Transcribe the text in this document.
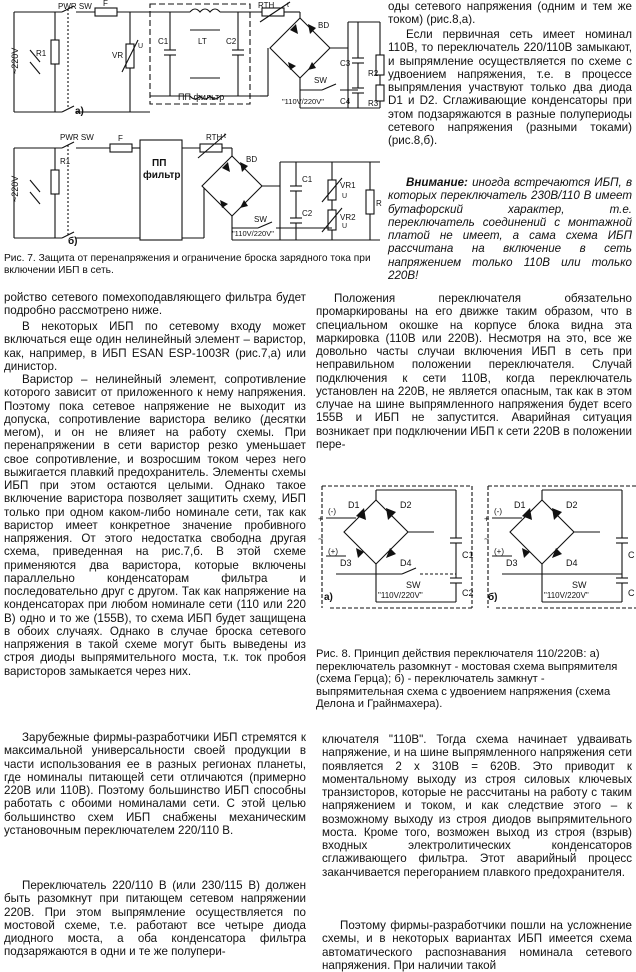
~220V
PWR SW F
R1	VR
U
C1	LT C2
ПП фильтр
RTH t
BD
C3
C4
R2
R3
SW
"110V/220V"
а)
~220V
PWR SW	F
R1	ПП
фильтр
RTH t
BD
C1
C2
VR1
VR2
U
U
R
SW
"110V/220V"
б)

Рис. 7. Защита от перенапряжения и ограничение броска зарядного тока при включении ИБП в сеть.

оды сетевого напряжения (одним и тем же током) (рис.8,а).

Если первичная сеть имеет номинал 110В, то переключатель 220/110В замыкают, и выпрямление осуществляется по схеме с удвоением напряжения, т.е. в процессе выпрямления участвуют только два диода D1 и D2. Сглаживающие конденсаторы при этом подзаряжаются в разные полупериоды сетевого напряжения (разными токами) (рис.8,б).

Внимание: иногда встречаются ИБП, в которых переключатель 230В/110 В имеет бутафорский характер, т.е. переключатель соединений с монтажной платой не имеет, а сама схема ИБП рассчитана на включение в сеть напряжением только 110В или только 220В!

ройство сетевого помехоподавляющего фильтра будет подробно рассмотрено ниже.

В некоторых ИБП по сетевому входу может включаться еще один нелинейный элемент – варистор, как, например, в ИБП ESAN ESP-1003R (рис.7,а) или динистор.

Варистор – нелинейный элемент, сопротивление которого зависит от приложенного к нему напряжения. Поэтому пока сетевое напряжение не выходит из допуска, сопротивление варистора велико (десятки мегом), и он не влияет на работу схемы. При перенапряжении в сети варистор резко уменьшает свое сопротивление, и возросшим током через него выжигается плавкий предохранитель. Элементы схемы ИБП при этом остаются целыми. Однако такое включение варистора позволяет защитить схему, ИБП только при одном каком-либо номинале сети, так как варистор имеет конкретное значение пробивного напряжения. От этого недостатка свободна другая схема, приведенная на рис.7,б. В этой схеме применяются два варистора, которые включены параллельно конденсаторам фильтра и последовательно друг с другом. Так как напряжение на конденсаторах при любом номинале сети (110 или 220 В) одно и то же (155В), то схема ИБП будет защищена в обоих случаях. Однако в случае броска сетевого напряжения в такой схеме могут быть выведены из строя диоды выпрямительного моста, т.к. ток пробоя варисторов замыкается через них.

Зарубежные фирмы-разработчики ИБП стремятся к максимальной универсальности своей продукции в части использования ее в разных регионах планеты, где номиналы питающей сети отличаются (примерно 220В или 110В). Поэтому большинство ИБП способны работать с обоими номиналами сети. С этой целью большинство схем ИБП снабжены механическим установочным переключателем 220/110 В.

Переключатель 220/110 В (или 230/115 В) должен быть разомкнут при питающем сетевом напряжении 220В. При этом выпрямление осуществляется по мостовой схеме, т.е. работают все четыре диода диодного моста, а оба конденсатора фильтра подзаряжаются в одни и те же полупери-

Положения переключателя обязательно промаркированы на его движке таким образом, что в специальном окошке на корпусе блока видна эта маркировка (110В или 220В). Несмотря на это, все же довольно часты случаи включения ИБП в сеть при неправильном положении переключателя. Случай подключения к сети 110В, когда переключатель установлен на 220В, не является опасным, так как в этом случае на шине выпрямленного напряжения будет всего 155В и ИБП не запустится. Аварийная ситуация возникает при подключении ИБП к сети 220В в положении пере-

D1	D2
D3	D4
C1
C2
+
(-)
~
(+)
SW
"110V/220V"
а)
D1	D2
D3	D4
C
C
+
(-)
~
(+)
SW
"110V/220V"
б)

Рис. 8. Принцип действия переключателя 110/220В: а) переключатель разомкнут - мостовая схема выпрямителя (схема Герца); б) - переключатель замкнут - выпрямительная схема с удвоением напряжения (схема Делона и Грайнмахера).

ключателя "110В". Тогда схема начинает удваивать напряжение, и на шине выпрямленного напряжения сети появляется 2 х 310В = 620В. Это приводит к моментальному выходу из строя силовых ключевых транзисторов, которые не рассчитаны на работу с таким напряжением и током, и как следствие этого – к возможному выходу из строя диодов выпрямительного моста. Кроме того, возможен выход из строя (взрыв) входных электролитических конденсаторов сглаживающего фильтра. Этот аварийный процесс заканчивается перегоранием плавкого предохранителя.

Поэтому фирмы-разработчики пошли на усложнение схемы, и в некоторых вариантах ИБП имеется схема автоматического распознавания номинала сетевого напряжения. При наличии такой
